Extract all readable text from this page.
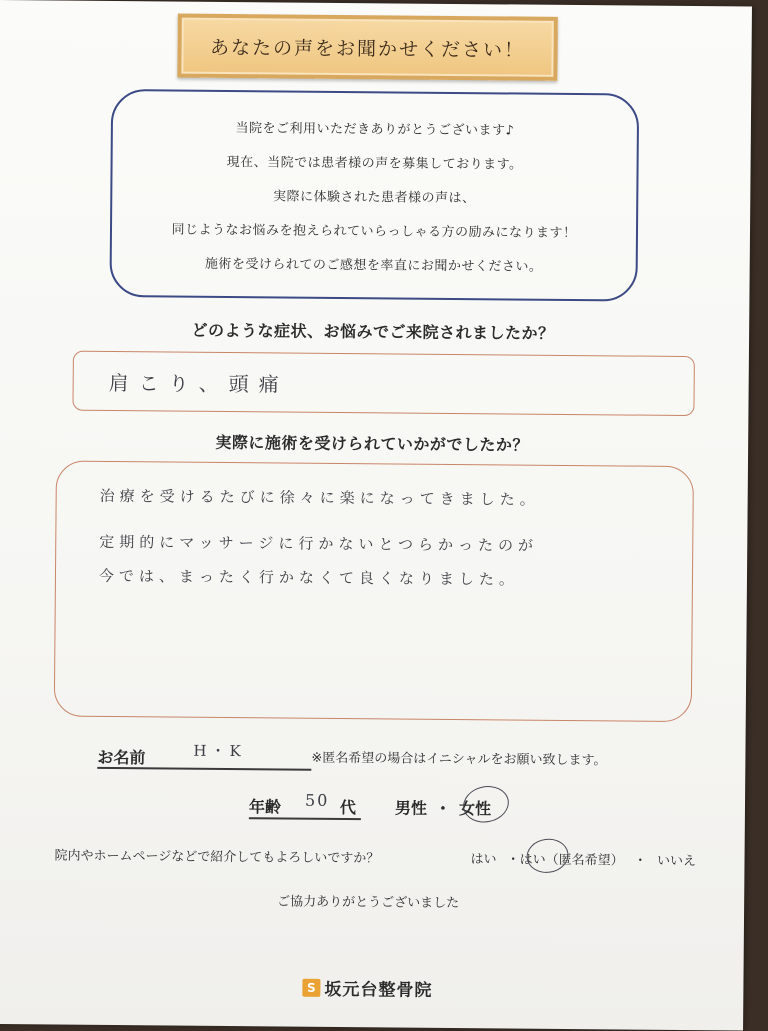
あなたの声をお聞かせください！
当院をご利用いただきありがとうございます♪
現在、当院では患者様の声を募集しております。
実際に体験された患者様の声は、
同じようなお悩みを抱えられていらっしゃる方の励みになります！
施術を受けられてのご感想を率直にお聞かせください。
どのような症状、お悩みでご来院されましたか？
肩こり、頭痛
実際に施術を受けられていかがでしたか？
治療を受けるたびに徐々に楽になってきました。
定期的にマッサージに行かないとつらかったのが
今では、まったく行かなくて良くなりました。
お名前	H・K	※匿名希望の場合はイニシャルをお願い致します。
年齢 50 代 男性 ・ 女性
院内やホームページなどで紹介してもよろしいですか？	はい ・はい（匿名希望） ・ いいえ
ご協力ありがとうございました
S 坂元台整骨院
